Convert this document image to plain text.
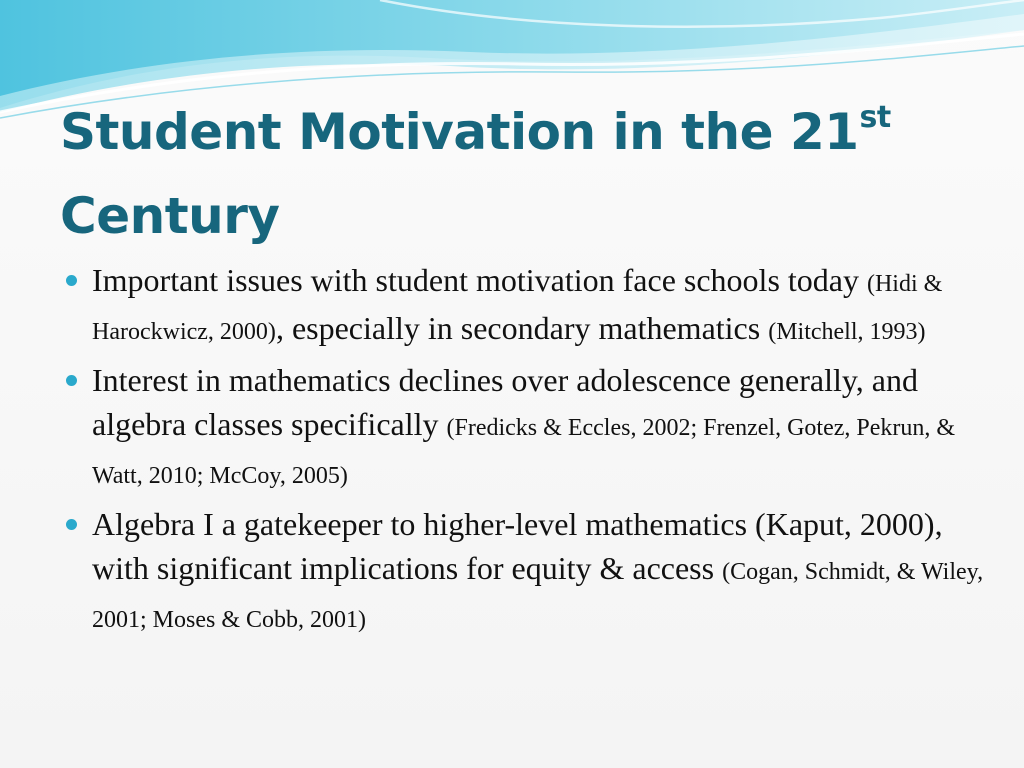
Student Motivation in the 21st
Century
Important issues with student motivation face schools today (Hidi & Harockwicz, 2000), especially in secondary mathematics (Mitchell, 1993)
Interest in mathematics declines over adolescence generally, and algebra classes specifically (Fredicks & Eccles, 2002; Frenzel, Gotez, Pekrun, & Watt, 2010; McCoy, 2005)
Algebra I a gatekeeper to higher-level mathematics (Kaput, 2000), with significant implications for equity & access (Cogan, Schmidt, & Wiley, 2001; Moses & Cobb, 2001)
